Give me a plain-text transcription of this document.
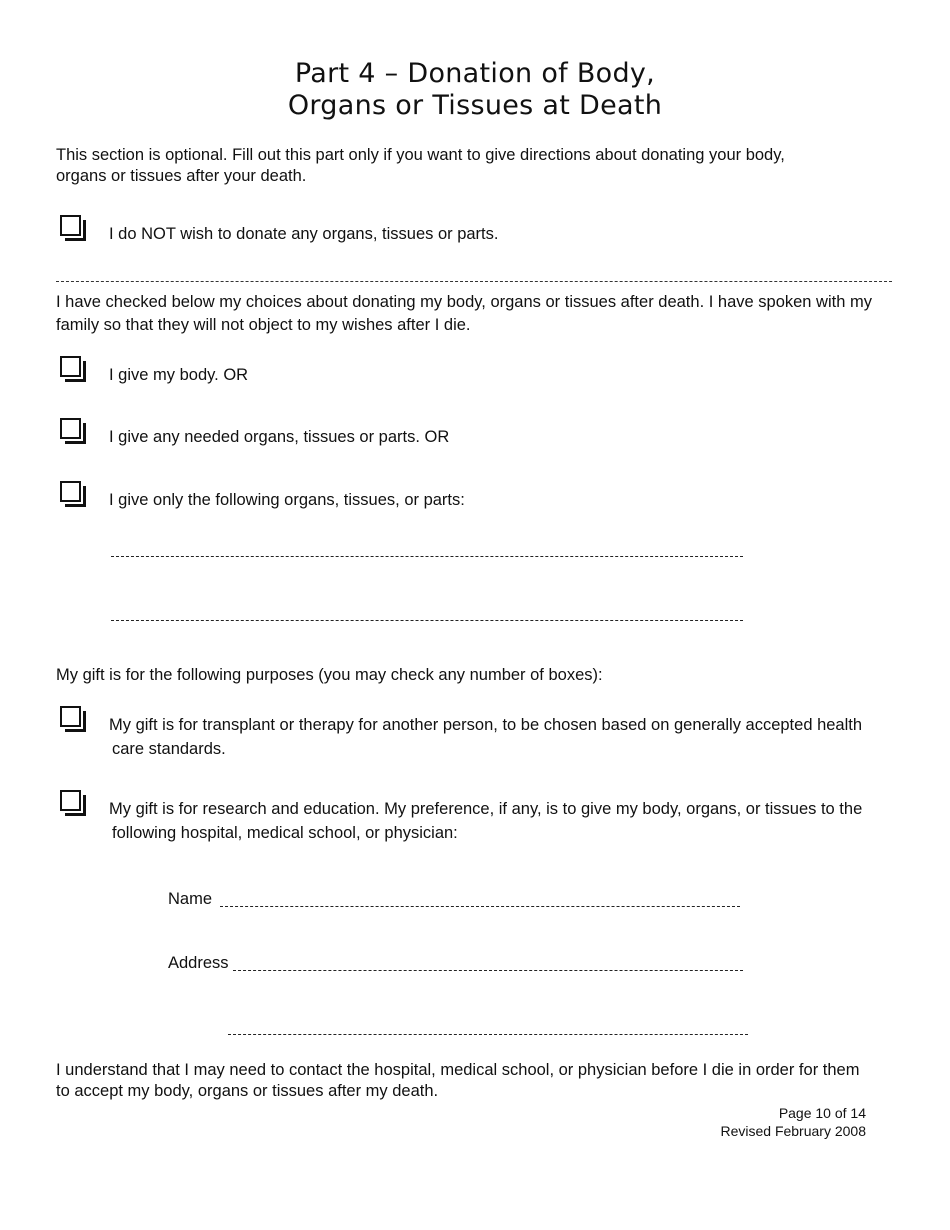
Part 4 – Donation of Body,
Organs or Tissues at Death
This section is optional. Fill out this part only if you want to give directions about donating your body,
organs or tissues after your death.
I do NOT wish to donate any organs, tissues or parts.
I have checked below my choices about donating my body, organs or tissues after death. I have spoken with my
family so that they will not object to my wishes after I die.
I give my body. OR
I give any needed organs, tissues or parts. OR
I give only the following organs, tissues, or parts:
My gift is for the following purposes (you may check any number of boxes):
My gift is for transplant or therapy for another person, to be chosen based on generally accepted health
care standards.
My gift is for research and education. My preference, if any, is to give my body, organs, or tissues to the
following hospital, medical school, or physician:
Name
Address
I understand that I may need to contact the hospital, medical school, or physician before I die in order for them
to accept my body, organs or tissues after my death.
Page 10 of 14
Revised February 2008
